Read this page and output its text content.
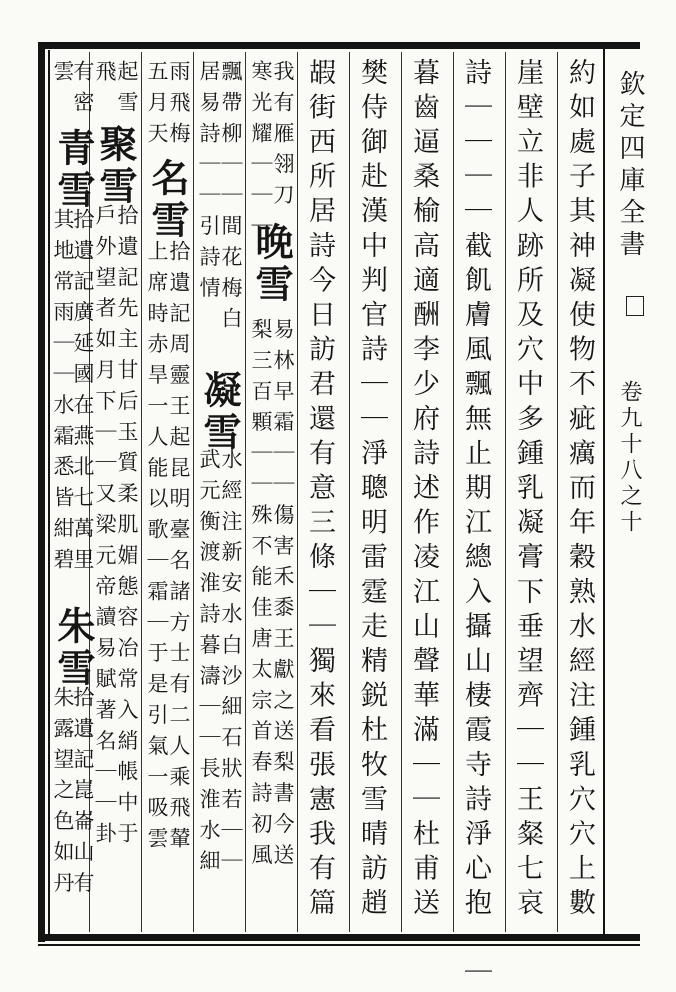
欽定四庫全書
卷九十八之十
約如處子其神凝使物不疵癘而年穀熟水經注鍾乳穴穴上數
崖壁立非人跡所及穴中多鍾乳凝膏下垂望齊｜｜王粲七哀
詩｜｜｜｜截飢膚風飄無止期江總入攝山棲霞寺詩淨心抱｜｜
暮齒逼桑榆高適酬李少府詩述作凌江山聲華滿｜｜杜甫送
樊侍御赴漢中判官詩｜｜淨聰明雷霆走精鋭杜牧雪晴訪趙
嘏街西所居詩今日訪君還有意三條｜｜獨來看張憲我有篇
我有雁翎刀
寒光耀｜｜｜
晚雪
易林早霜｜｜傷害禾黍王獻之送梨書今送
梨三百顆｜｜殊不能佳唐太宗首春詩初風
飄帶柳｜｜間花梅白
居易詩｜｜引詩情
凝雪
水經注新安水白沙細石狀若｜｜
武元衡渡淮詩暮濤｜｜長淮水細
雨飛梅
五月天
名雪
拾遺記周靈王起昆明臺名諸方士有二人乘飛輦
上席時赤旱一人能以歌｜霜｜于是引氣一吸雲
起雪
飛
聚雪
拾遺記先主甘后玉質柔肌媚態容冶常入綃帳中于
戶外望者如月下｜｜又梁元帝讀易賦著名｜｜卦
有密
雲
青雪
拾遺記廣延國在燕北七萬里
其地常雨｜｜水霜悉皆紺碧
朱雪
拾遺記崑崙山有
朱露望之色如丹
